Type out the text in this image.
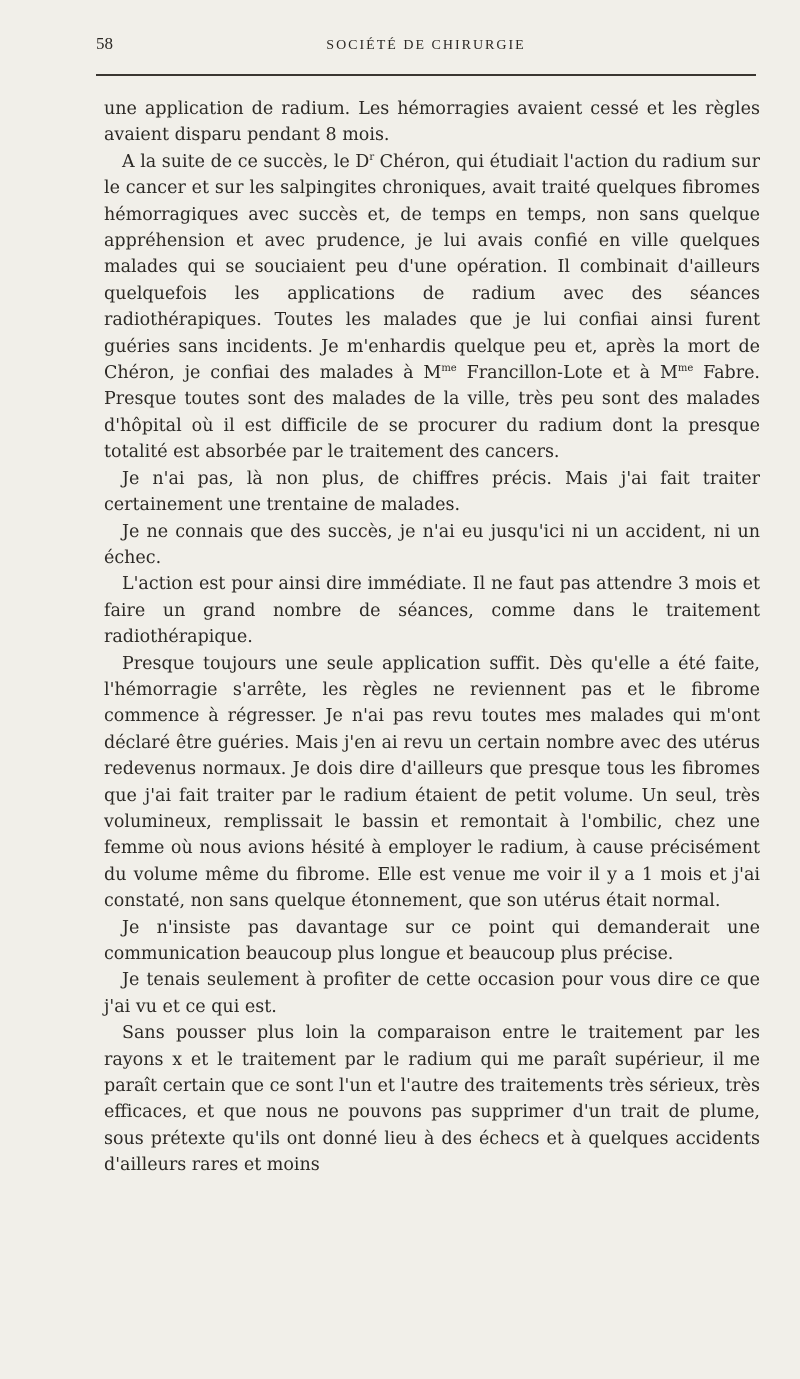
58	SOCIÉTÉ DE CHIRURGIE

une application de radium. Les hémorragies avaient cessé et les règles avaient disparu pendant 8 mois.

A la suite de ce succès, le $D^r$ Chéron, qui étudiait l'action du radium sur le cancer et sur les salpingites chroniques, avait traité quelques fibromes hémorragiques avec succès et, de temps en temps, non sans quelque appréhension et avec prudence, je lui avais confié en ville quelques malades qui se souciaient peu d'une opération. Il combinait d'ailleurs quelquefois les applications de radium avec des séances radiothérapiques. Toutes les malades que je lui confiai ainsi furent guéries sans incidents. Je m'enhardis quelque peu et, après la mort de Chéron, je confiai des malades à $M^{me}$ Francillon-Lote et à $M^{me}$ Fabre. Presque toutes sont des malades de la ville, très peu sont des malades d'hôpital où il est difficile de se procurer du radium dont la presque totalité est absorbée par le traitement des cancers.

Je n'ai pas, là non plus, de chiffres précis. Mais j'ai fait traiter certainement une trentaine de malades.

Je ne connais que des succès, je n'ai eu jusqu'ici ni un accident, ni un échec.

L'action est pour ainsi dire immédiate. Il ne faut pas attendre 3 mois et faire un grand nombre de séances, comme dans le traitement radiothérapique.

Presque toujours une seule application suffit. Dès qu'elle a été faite, l'hémorragie s'arrête, les règles ne reviennent pas et le fibrome commence à régresser. Je n'ai pas revu toutes mes malades qui m'ont déclaré être guéries. Mais j'en ai revu un certain nombre avec des utérus redevenus normaux. Je dois dire d'ailleurs que presque tous les fibromes que j'ai fait traiter par le radium étaient de petit volume. Un seul, très volumineux, remplissait le bassin et remontait à l'ombilic, chez une femme où nous avions hésité à employer le radium, à cause précisément du volume même du fibrome. Elle est venue me voir il y a 1 mois et j'ai constaté, non sans quelque étonnement, que son utérus était normal.

Je n'insiste pas davantage sur ce point qui demanderait une communication beaucoup plus longue et beaucoup plus précise.

Je tenais seulement à profiter de cette occasion pour vous dire ce que j'ai vu et ce qui est.

Sans pousser plus loin la comparaison entre le traitement par les rayons x et le traitement par le radium qui me paraît supérieur, il me paraît certain que ce sont l'un et l'autre des traitements très sérieux, très efficaces, et que nous ne pouvons pas supprimer d'un trait de plume, sous prétexte qu'ils ont donné lieu à des échecs et à quelques accidents d'ailleurs rares et moins
